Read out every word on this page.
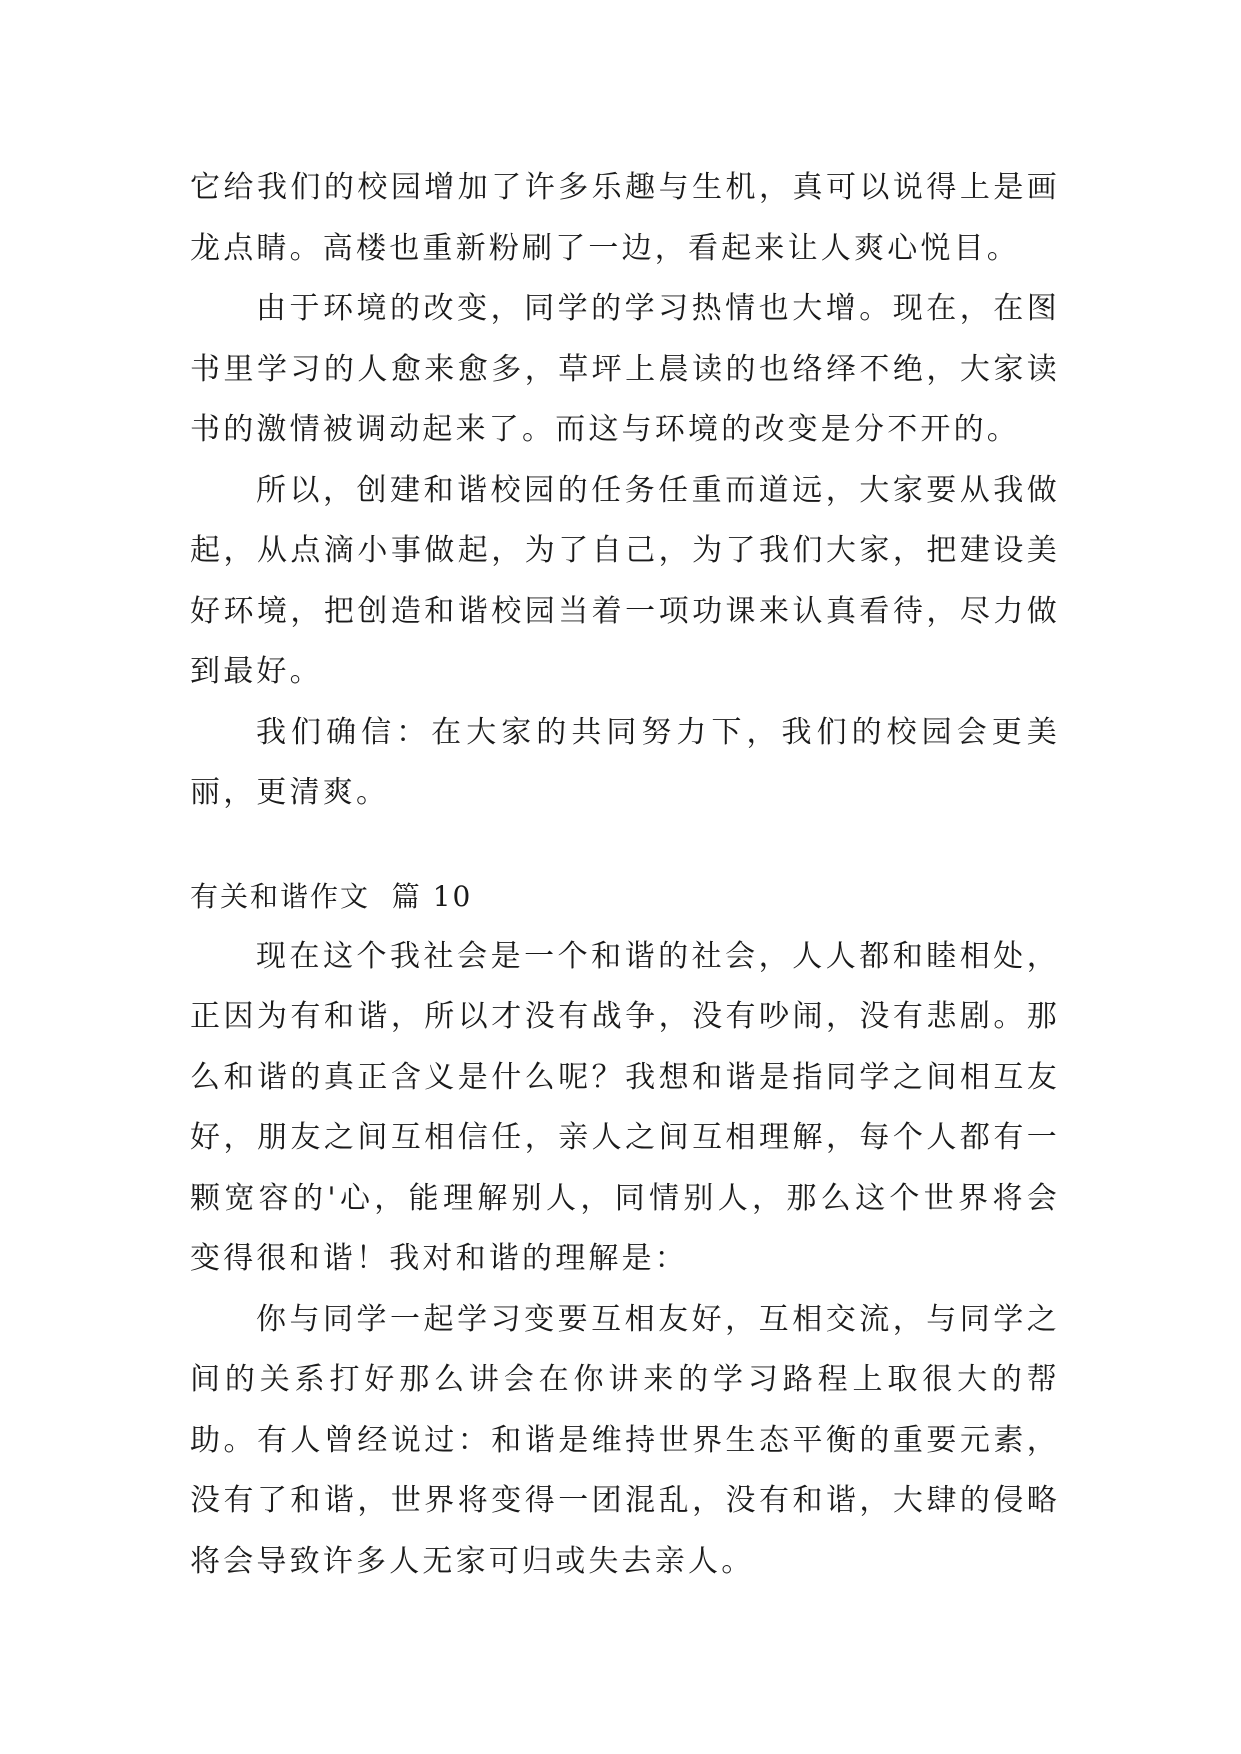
它给我们的校园增加了许多乐趣与生机，真可以说得上是画龙点睛。高楼也重新粉刷了一边，看起来让人爽心悦目。

由于环境的改变，同学的学习热情也大增。现在，在图书里学习的人愈来愈多，草坪上晨读的也络绎不绝，大家读书的激情被调动起来了。而这与环境的改变是分不开的。

所以，创建和谐校园的任务任重而道远，大家要从我做起，从点滴小事做起，为了自己，为了我们大家，把建设美好环境，把创造和谐校园当着一项功课来认真看待，尽力做到最好。

我们确信：在大家的共同努力下，我们的校园会更美丽，更清爽。

有关和谐作文  篇 10

现在这个我社会是一个和谐的社会，人人都和睦相处，正因为有和谐，所以才没有战争，没有吵闹，没有悲剧。那么和谐的真正含义是什么呢？我想和谐是指同学之间相互友好，朋友之间互相信任，亲人之间互相理解，每个人都有一颗宽容的'心，能理解别人，同情别人，那么这个世界将会变得很和谐！我对和谐的理解是：

你与同学一起学习变要互相友好，互相交流，与同学之间的关系打好那么讲会在你讲来的学习路程上取很大的帮助。有人曾经说过：和谐是维持世界生态平衡的重要元素，没有了和谐，世界将变得一团混乱，没有和谐，大肆的侵略将会导致许多人无家可归或失去亲人。
